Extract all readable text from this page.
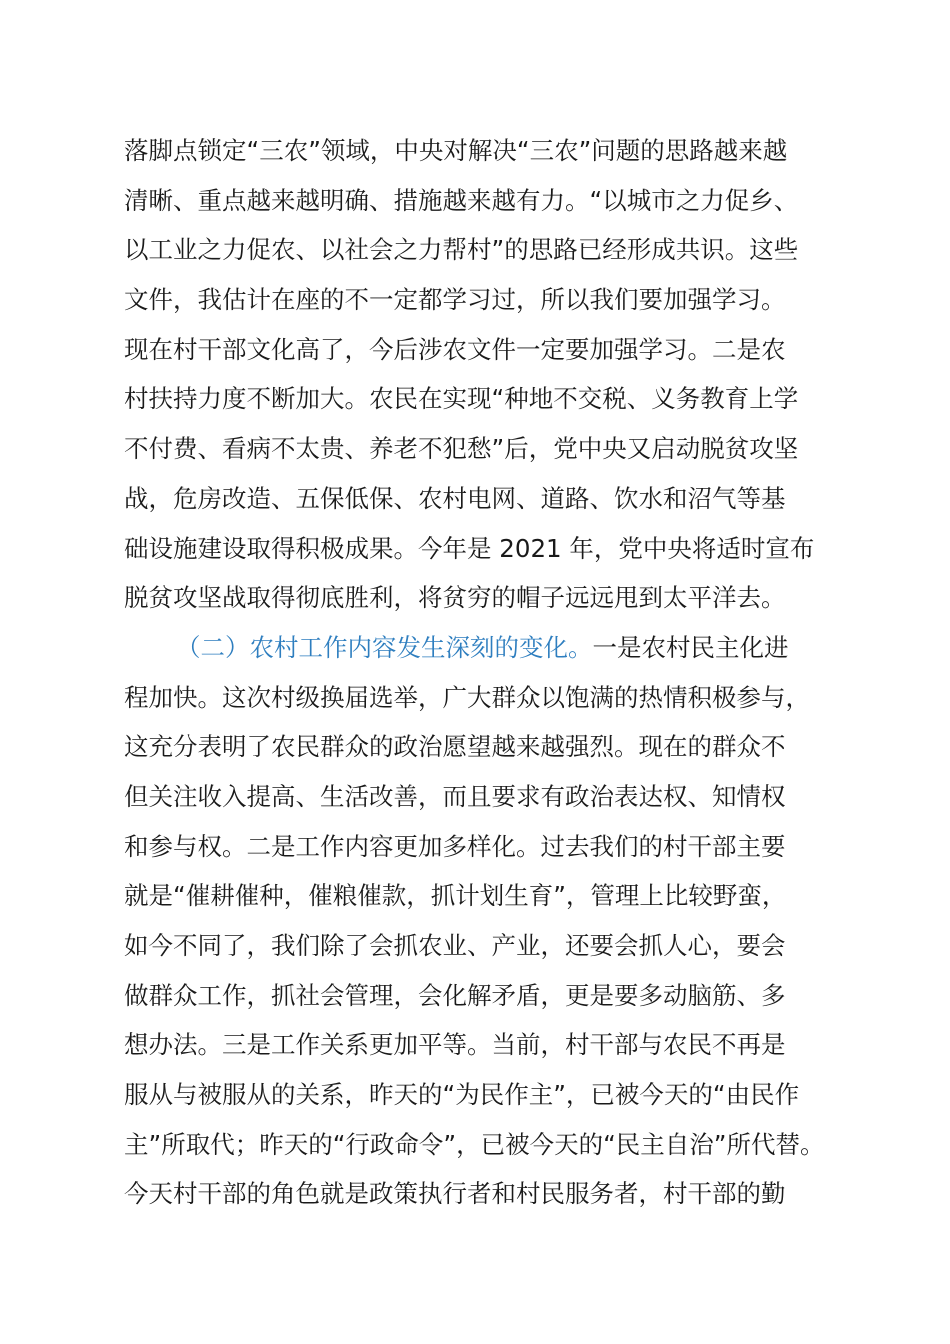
落脚点锁定“三农”领域，中央对解决“三农”问题的思路越来越
清晰、重点越来越明确、措施越来越有力。“以城市之力促乡、
以工业之力促农、以社会之力帮村”的思路已经形成共识。这些
文件，我估计在座的不一定都学习过，所以我们要加强学习。
现在村干部文化高了，今后涉农文件一定要加强学习。二是农
村扶持力度不断加大。农民在实现“种地不交税、义务教育上学
不付费、看病不太贵、养老不犯愁”后，党中央又启动脱贫攻坚
战，危房改造、五保低保、农村电网、道路、饮水和沼气等基
础设施建设取得积极成果。今年是 2021 年，党中央将适时宣布
脱贫攻坚战取得彻底胜利，将贫穷的帽子远远甩到太平洋去。
（二）农村工作内容发生深刻的变化。一是农村民主化进
程加快。这次村级换届选举，广大群众以饱满的热情积极参与，
这充分表明了农民群众的政治愿望越来越强烈。现在的群众不
但关注收入提高、生活改善，而且要求有政治表达权、知情权
和参与权。二是工作内容更加多样化。过去我们的村干部主要
就是“催耕催种，催粮催款，抓计划生育”，管理上比较野蛮，
如今不同了，我们除了会抓农业、产业，还要会抓人心，要会
做群众工作，抓社会管理，会化解矛盾，更是要多动脑筋、多
想办法。三是工作关系更加平等。当前，村干部与农民不再是
服从与被服从的关系，昨天的“为民作主”，已被今天的“由民作
主”所取代；昨天的“行政命令”，已被今天的“民主自治”所代替。
今天村干部的角色就是政策执行者和村民服务者，村干部的勤
